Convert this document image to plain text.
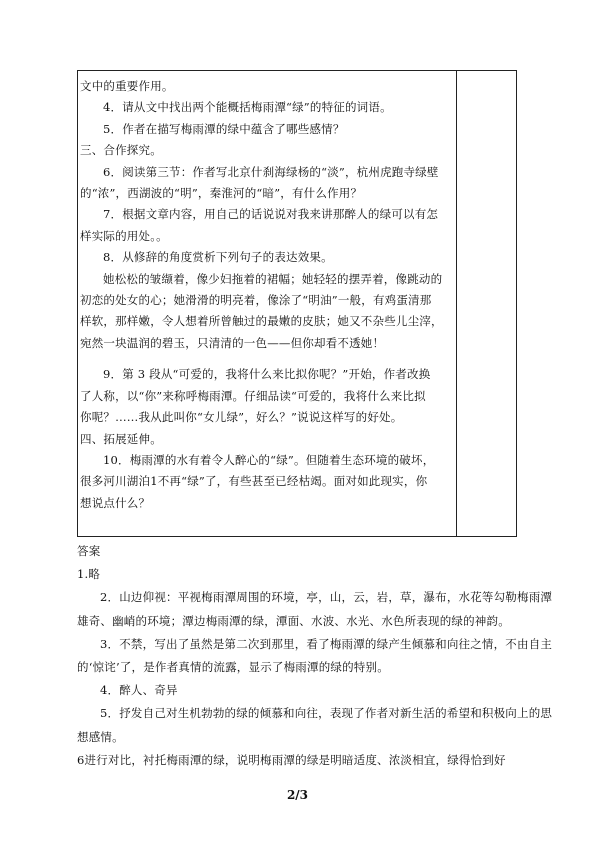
文中的重要作用。
4．请从文中找出两个能概括梅雨潭“绿”的特征的词语。
5．作者在描写梅雨潭的绿中蕴含了哪些感情？
三、合作探究。
6．阅读第三节：作者写北京什刹海绿杨的“淡”，杭州虎跑寺绿壁
的“浓”，西湖波的“明”，秦淮河的“暗”，有什么作用？
7．根据文章内容，用自己的话说说对我来讲那醉人的绿可以有怎
样实际的用处。。
8．从修辞的角度赏析下列句子的表达效果。
她松松的皱缬着，像少妇拖着的裙幅；她轻轻的摆弄着，像跳动的
初恋的处女的心；她滑滑的明亮着，像涂了“明油”一般，有鸡蛋清那
样软，那样嫩，令人想着所曾触过的最嫩的皮肤；她又不杂些儿尘滓，
宛然一块温润的碧玉，只清清的一色——但你却看不透她！
9．第 3 段从“可爱的，我将什么来比拟你呢？”开始，作者改换
了人称，以“你”来称呼梅雨潭。仔细品读“可爱的，我将什么来比拟
你呢？……我从此叫你“女儿绿”，好么？”说说这样写的好处。
四、拓展延伸。
10．梅雨潭的水有着令人醉心的“绿”。但随着生态环境的破坏，
很多河川湖泊1不再“绿”了，有些甚至已经枯竭。面对如此现实，你
想说点什么？
答案
1.略
2．山边仰视：平视梅雨潭周围的环境，亭，山，云，岩，草，瀑布，水花等勾勒梅雨潭
雄奇、幽峭的环境；潭边梅雨潭的绿，潭面、水波、水光、水色所表现的绿的神韵。
3．不禁，写出了虽然是第二次到那里，看了梅雨潭的绿产生倾慕和向往之情，不由自主
的‘惊诧’了，是作者真情的流露，显示了梅雨潭的绿的特别。
4．醉人、奇异
5．抒发自己对生机勃勃的绿的倾慕和向往，表现了作者对新生活的希望和积极向上的思
想感情。
6进行对比，衬托梅雨潭的绿，说明梅雨潭的绿是明暗适度、浓淡相宜，绿得恰到好
2/3
